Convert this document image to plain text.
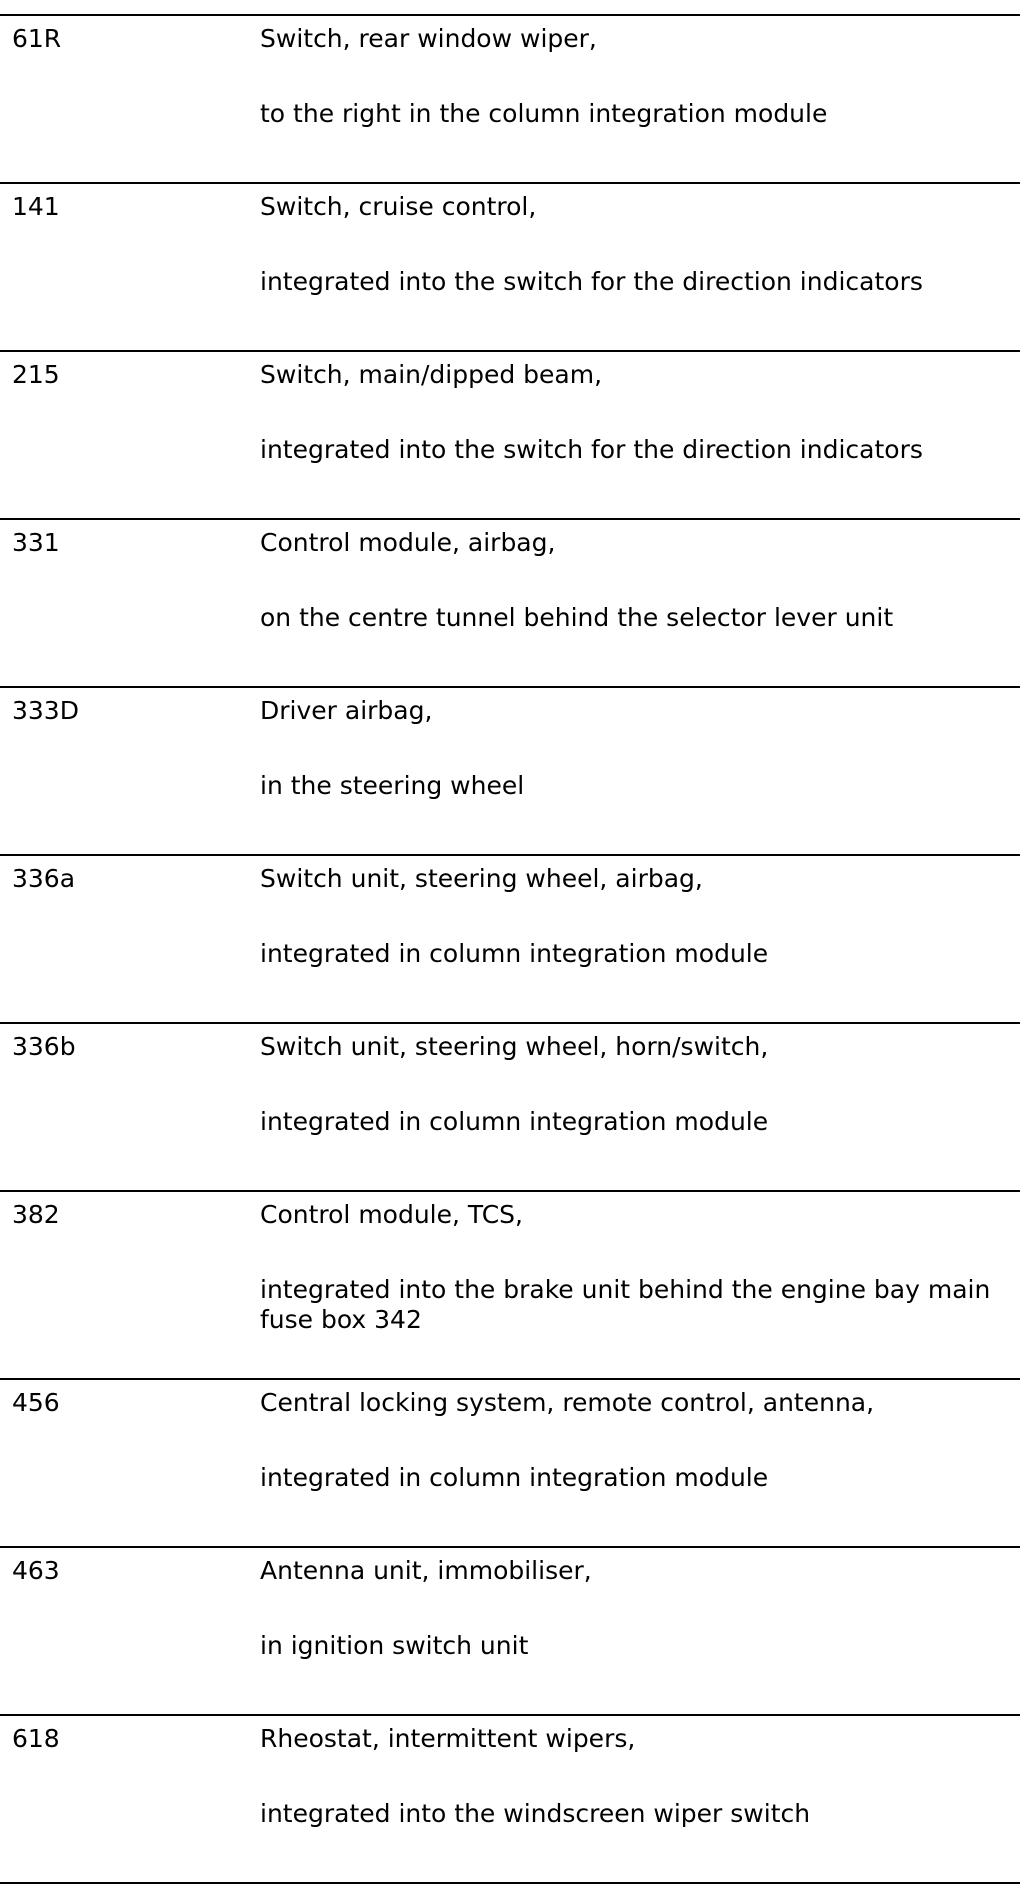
61R	Switch, rear window wiper,
to the right in the column integration module
141	Switch, cruise control,
integrated into the switch for the direction indicators
215	Switch, main/dipped beam,
integrated into the switch for the direction indicators
331	Control module, airbag,
on the centre tunnel behind the selector lever unit
333D	Driver airbag,
in the steering wheel
336a	Switch unit, steering wheel, airbag,
integrated in column integration module
336b	Switch unit, steering wheel, horn/switch,
integrated in column integration module
382	Control module, TCS,
integrated into the brake unit behind the engine bay main fuse box 342
456	Central locking system, remote control, antenna,
integrated in column integration module
463	Antenna unit, immobiliser,
in ignition switch unit
618	Rheostat, intermittent wipers,
integrated into the windscreen wiper switch
